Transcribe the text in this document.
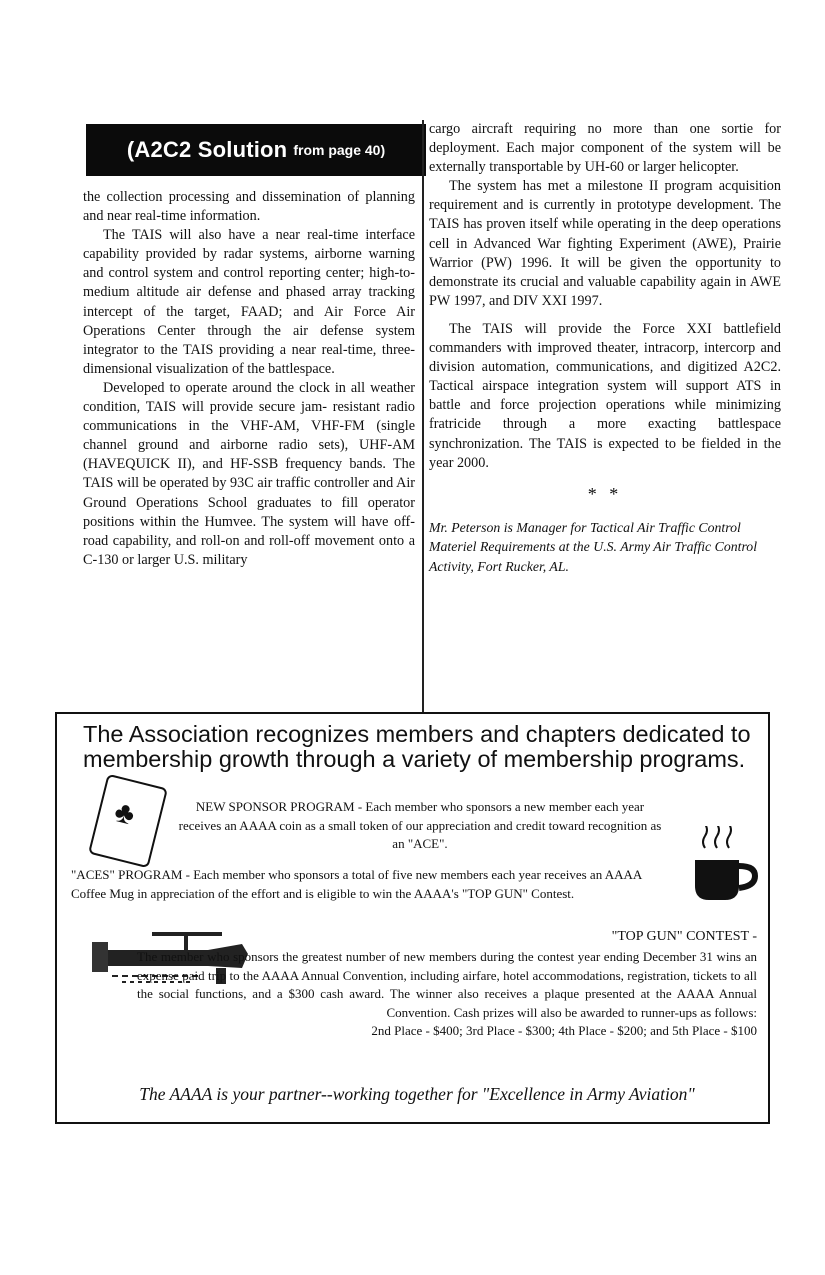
(A2C2 Solution from page 40)

the collection processing and dissemination of planning and near real-time information.

The TAIS will also have a near real-time interface capability provided by radar systems, airborne warning and control system and control reporting center; high-to-medium altitude air defense and phased array tracking intercept of the target, FAAD; and Air Force Air Operations Center through the air defense system integrator to the TAIS providing a near real-time, three- dimensional visualization of the battlespace.

Developed to operate around the clock in all weather condition, TAIS will provide secure jam- resistant radio communications in the VHF-AM, VHF-FM (single channel ground and airborne radio sets), UHF-AM (HAVEQUICK II), and HF-SSB frequency bands. The TAIS will be operated by 93C air traffic controller and Air Ground Operations School graduates to fill operator positions within the Humvee. The system will have off-road capability, and roll-on and roll-off movement onto a C-130 or larger U.S. military

cargo aircraft requiring no more than one sortie for deployment. Each major component of the system will be externally transportable by UH-60 or larger helicopter.

The system has met a milestone II program acquisition requirement and is currently in prototype development. The TAIS has proven itself while operating in the deep operations cell in Advanced War fighting Experiment (AWE), Prairie Warrior (PW) 1996. It will be given the opportunity to demonstrate its crucial and valuable capability again in AWE PW 1997, and DIV XXI 1997.

The TAIS will provide the Force XXI battlefield commanders with improved theater, intracorp, intercorp and division automation, communications, and digitized A2C2. Tactical airspace integration system will support ATS in battle and force projection operations while minimizing fratricide through a more exacting battlespace synchronization. The TAIS is expected to be fielded in the year 2000.

* *

Mr. Peterson is Manager for Tactical Air Traffic Control Materiel Requirements at the U.S. Army Air Traffic Control Activity, Fort Rucker, AL.

The Association recognizes members and chapters dedicated to membership growth through a variety of membership programs.
♣	NEW SPONSOR PROGRAM - Each member who sponsors a new member each year receives an AAAA coin as a small token of our appreciation and credit toward recognition as an "ACE".
"ACES" PROGRAM - Each member who sponsors a total of five new members each year receives an AAAA Coffee Mug in appreciation of the effort and is eligible to win the AAAA's "TOP GUN" Contest.
"TOP GUN" CONTEST -
The member who sponsors the greatest number of new members during the contest year ending December 31 wins an expense paid trip to the AAAA Annual Convention, including airfare, hotel accommodations, registration, tickets to all the social functions, and a $300 cash award. The winner also receives a plaque presented at the AAAA Annual Convention. Cash prizes will also be awarded to runner-ups as follows:
2nd Place - $400; 3rd Place - $300; 4th Place - $200; and 5th Place - $100
The AAAA is your partner--working together for "Excellence in Army Aviation"
